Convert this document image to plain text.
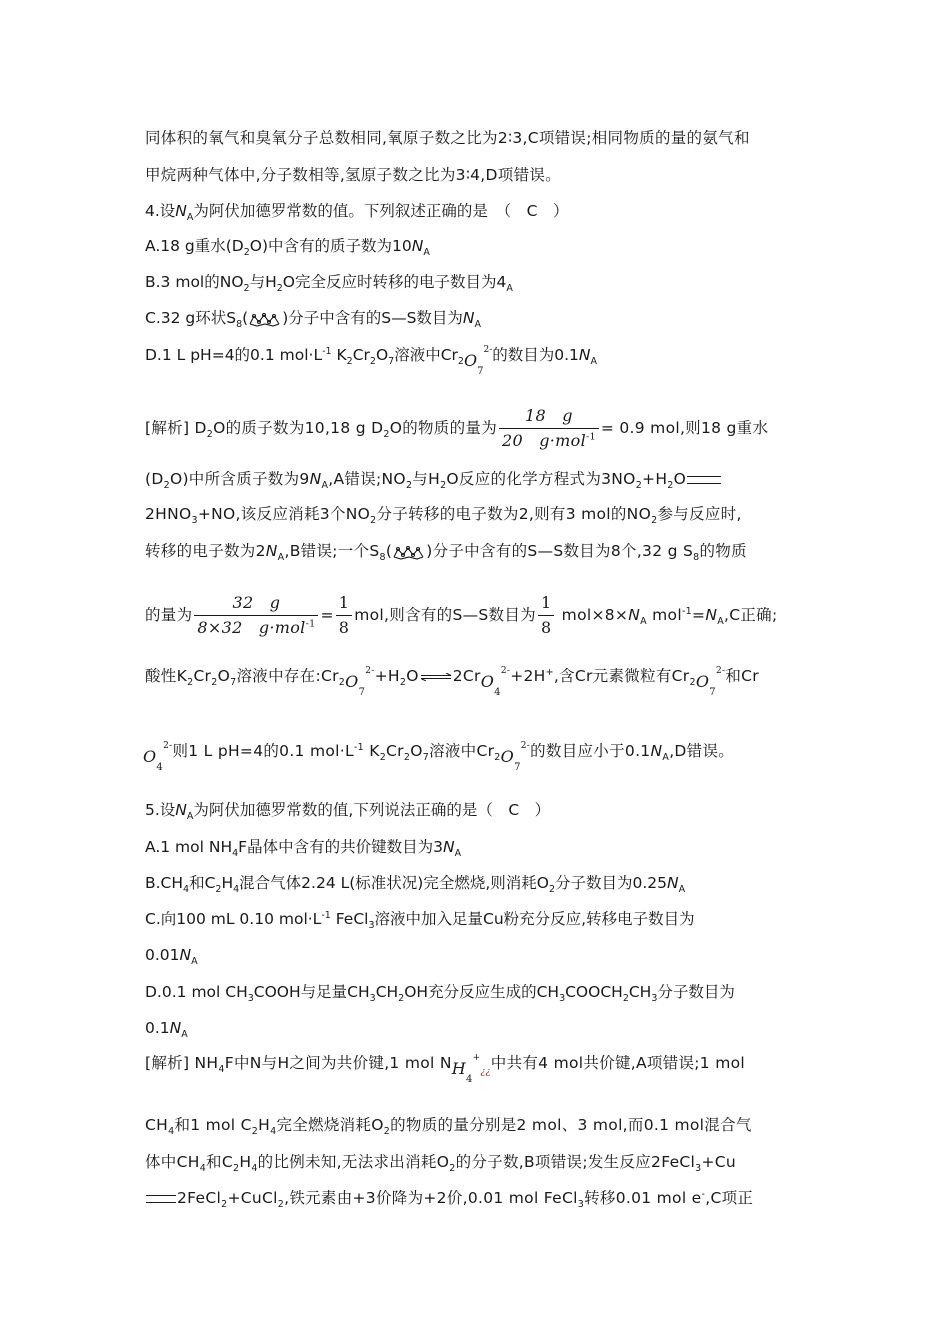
同体积的氧气和臭氧分子总数相同,氧原子数之比为2∶3,C项错误;相同物质的量的氨气和
甲烷两种气体中,分子数相等,氢原子数之比为3∶4,D项错误。
4.设$N_A$为阿伏加德罗常数的值。下列叙述正确的是　（　C　）
A.18 g重水$(D_2O)$中含有的质子数为$10N_A$
B.3 mol的$NO_2$与$H_2O$完全反应时转移的电子数目为$4_A$
C.32 g环状$S_8$( )分子中含有的S—S数目为$N_A$
D.1 L pH=4的0.1 $mol\cdot L^{-1}$ $K_2Cr_2O_7$溶液中$Cr_2O_7^{2-}$的数目为$0.1N_A$
[解析] $D_2O$的质子数为10,18 g $D_2O$的物质的量为 $\frac{18 g}{20 g\cdot mol^{-1}} = 0.9$ mol,则18 g重水
$(D_2O)$中所含质子数为$9N_A,A$错误$;NO_2$与$H_2O$反应的化学方程式为$3NO_2+H_2O$
$2HNO_3+NO$,该反应消耗3个$NO_2$分子转移的电子数为2,则有3 mol的$NO_2$参与反应时,
转移的电子数为$2N_A,B$错误;一个$S_8$( )分子中含有的S—S数目为8个,32 g $S_8$的物质
的量为 $\frac{32 g}{8\times 32 g\cdot mol^{-1}} = \frac{1}{8}$ mol,则含有的S—S数目为 $\frac{1}{8} mol\times 8\times N_A$ $mol^{-1}=N_A,C$正确;
酸性$K_2Cr_2O_7$溶液中存在$:Cr_2O_7^{2-}+H_2O\rightleftharpoons 2CrO_4^{2-}+2H^+$,含Cr元素微粒有$Cr_2O_7^{2-}$和Cr
$O_4^{2-}$则1 L pH=4的0.1 $mol\cdot L^{-1}$ $K_2Cr_2O_7$溶液中$Cr_2O_7^{2-}$的数目应小于$0.1N_A,D$错误。
5.设$N_A$为阿伏加德罗常数的值,下列说法正确的是（　C　）
A.1 mol $NH_4F$晶体中含有的共价键数目为$3N_A$
$B.CH_4$和$C_2H_4$混合气体2.24 L(标准状况)完全燃烧,则消耗$O_2$分子数目为$0.25N_A$
C.向100 mL 0.10 $mol\cdot L^{-1}$ FeCl$_3$溶液中加入足量Cu粉充分反应,转移电子数目为
$0.01N_A$
D.0.1 mol $CH_3COOH$与足量$CH_3CH_2OH$充分反应生成的$CH_3COOCH_2CH_3$分子数目为
$0.1N_A$
[解析] $NH_4F$中N与H之间为共价键,1 mol $NH_4^+¿¿$中共有4 mol共价键,A项错误;1 mol
$CH_4$和1 mol $C_2H_4$完全燃烧消耗$O_2$的物质的量分别是2 mol、3 mol,而0.1 mol混合气
体中$CH_4$和$C_2H_4$的比例未知,无法求出消耗$O_2$的分子数,B项错误;发生反应2FeCl$_3$+Cu
2FeCl$_2$+CuCl$_2$,铁元素由+3价降为+2价,0.01 mol FeCl$_3$转移0.01 mol e-,C项正
